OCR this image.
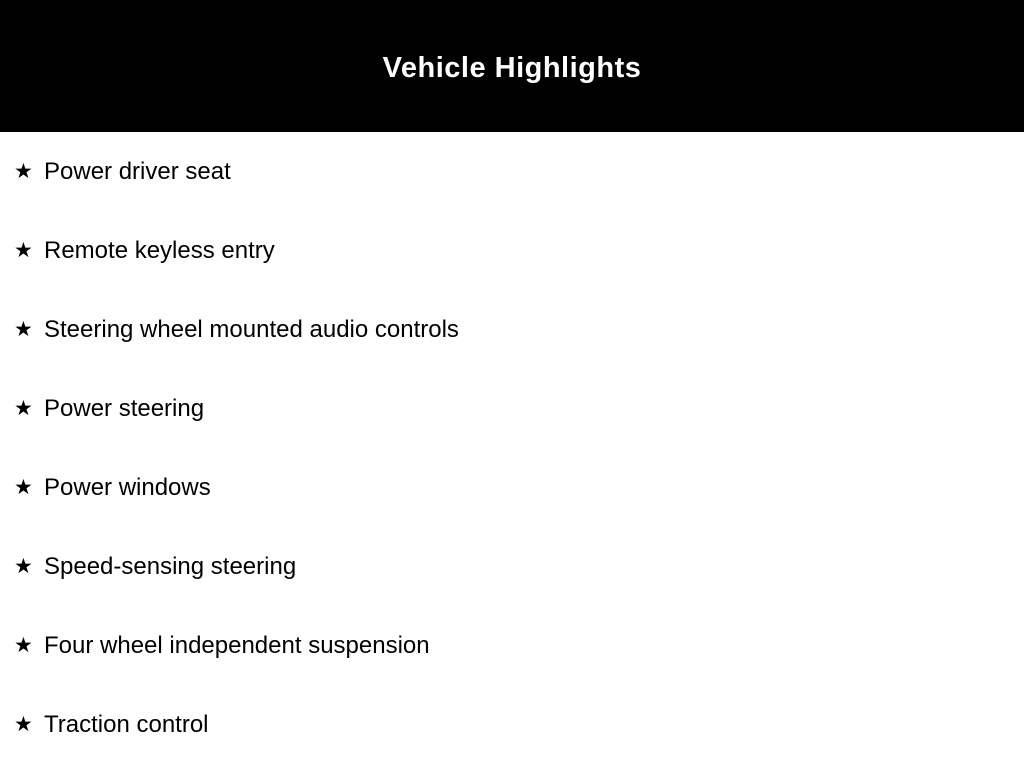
Vehicle Highlights
★ Power driver seat
★ Remote keyless entry
★ Steering wheel mounted audio controls
★ Power steering
★ Power windows
★ Speed-sensing steering
★ Four wheel independent suspension
★ Traction control
